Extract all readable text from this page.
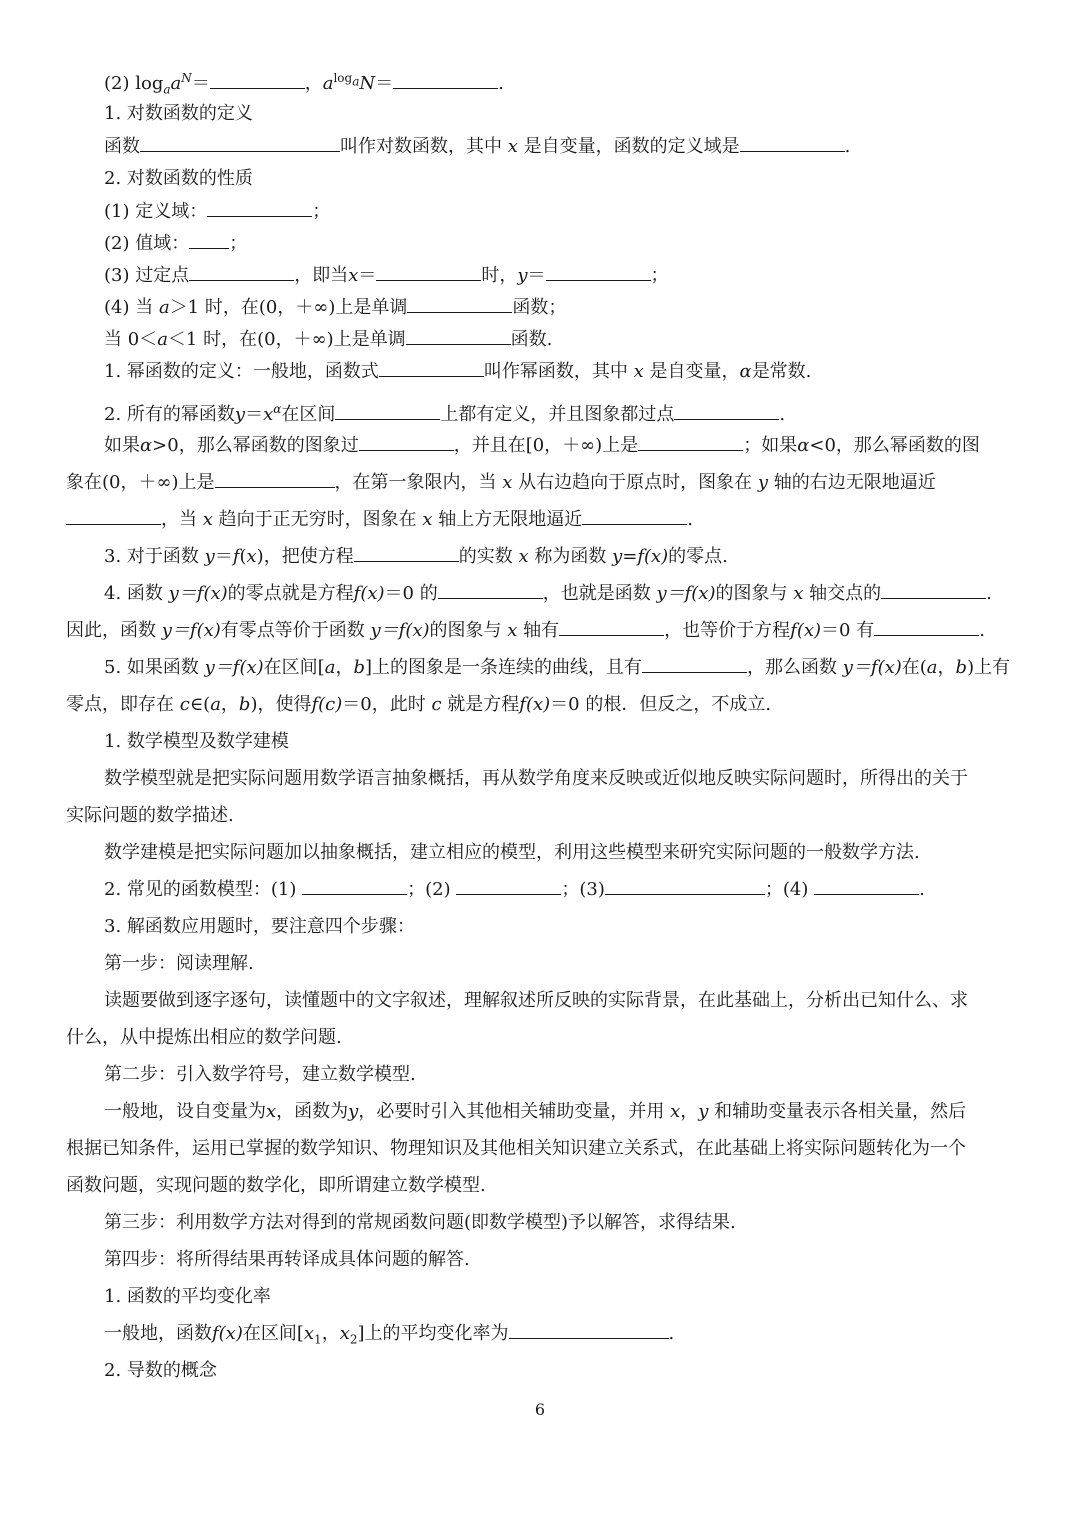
(2) $\log_aa^N=$	，$a^{log_a}N=$	.
1. 对数函数的定义
函数	叫作对数函数，其中 x 是自变量，函数的定义域是	.
2. 对数函数的性质
(1) 定义域：	；
(2) 值域： ；
(3) 过定点	，即当x＝	时，y＝	；
(4) 当 a＞1 时，在(0，＋∞)上是单调	函数；
当 0＜a＜1 时，在(0，＋∞)上是单调	函数.
1. 幂函数的定义：一般地，函数式	叫作幂函数，其中 x 是自变量，α是常数.
2. 所有的幂函数$y=x^\alpha$在区间	上都有定义，并且图象都过点	.
如果α>0，那么幂函数的图象过	，并且在[0，＋∞)上是	；如果α<0，那么幂函数的图
象在(0，＋∞)上是	，在第一象限内，当 x 从右边趋向于原点时，图象在 y 轴的右边无限地逼近
，当 x 趋向于正无穷时，图象在 x 轴上方无限地逼近	.
3. 对于函数 y＝f(x)，把使方程	的实数 x 称为函数 y=f(x)的零点.
4. 函数 y＝f(x)的零点就是方程f(x)＝0 的	，也就是函数 y＝f(x)的图象与 x 轴交点的	.
因此，函数 y＝f(x)有零点等价于函数 y＝f(x)的图象与 x 轴有	，也等价于方程f(x)＝0 有	.
5. 如果函数 y＝f(x)在区间[a，b]上的图象是一条连续的曲线，且有	，那么函数 y＝f(x)在(a，b)上有
零点，即存在 c∈(a，b)，使得f(c)＝0，此时 c 就是方程f(x)＝0 的根．但反之，不成立.
1. 数学模型及数学建模
数学模型就是把实际问题用数学语言抽象概括，再从数学角度来反映或近似地反映实际问题时，所得出的关于
实际问题的数学描述.
数学建模是把实际问题加以抽象概括，建立相应的模型，利用这些模型来研究实际问题的一般数学方法.
2. 常见的函数模型：(1)	；(2)	；(3)	；(4)	.
3. 解函数应用题时，要注意四个步骤：
第一步：阅读理解.
读题要做到逐字逐句，读懂题中的文字叙述，理解叙述所反映的实际背景，在此基础上，分析出已知什么、求
什么，从中提炼出相应的数学问题.
第二步：引入数学符号，建立数学模型.
一般地，设自变量为x，函数为y，必要时引入其他相关辅助变量，并用 x，y 和辅助变量表示各相关量，然后
根据已知条件，运用已掌握的数学知识、物理知识及其他相关知识建立关系式，在此基础上将实际问题转化为一个
函数问题，实现问题的数学化，即所谓建立数学模型.
第三步：利用数学方法对得到的常规函数问题(即数学模型)予以解答，求得结果.
第四步：将所得结果再转译成具体问题的解答.
1. 函数的平均变化率
一般地，函数f(x)在区间[$x_1$，$x_2$]上的平均变化率为	.
2. 导数的概念
6
